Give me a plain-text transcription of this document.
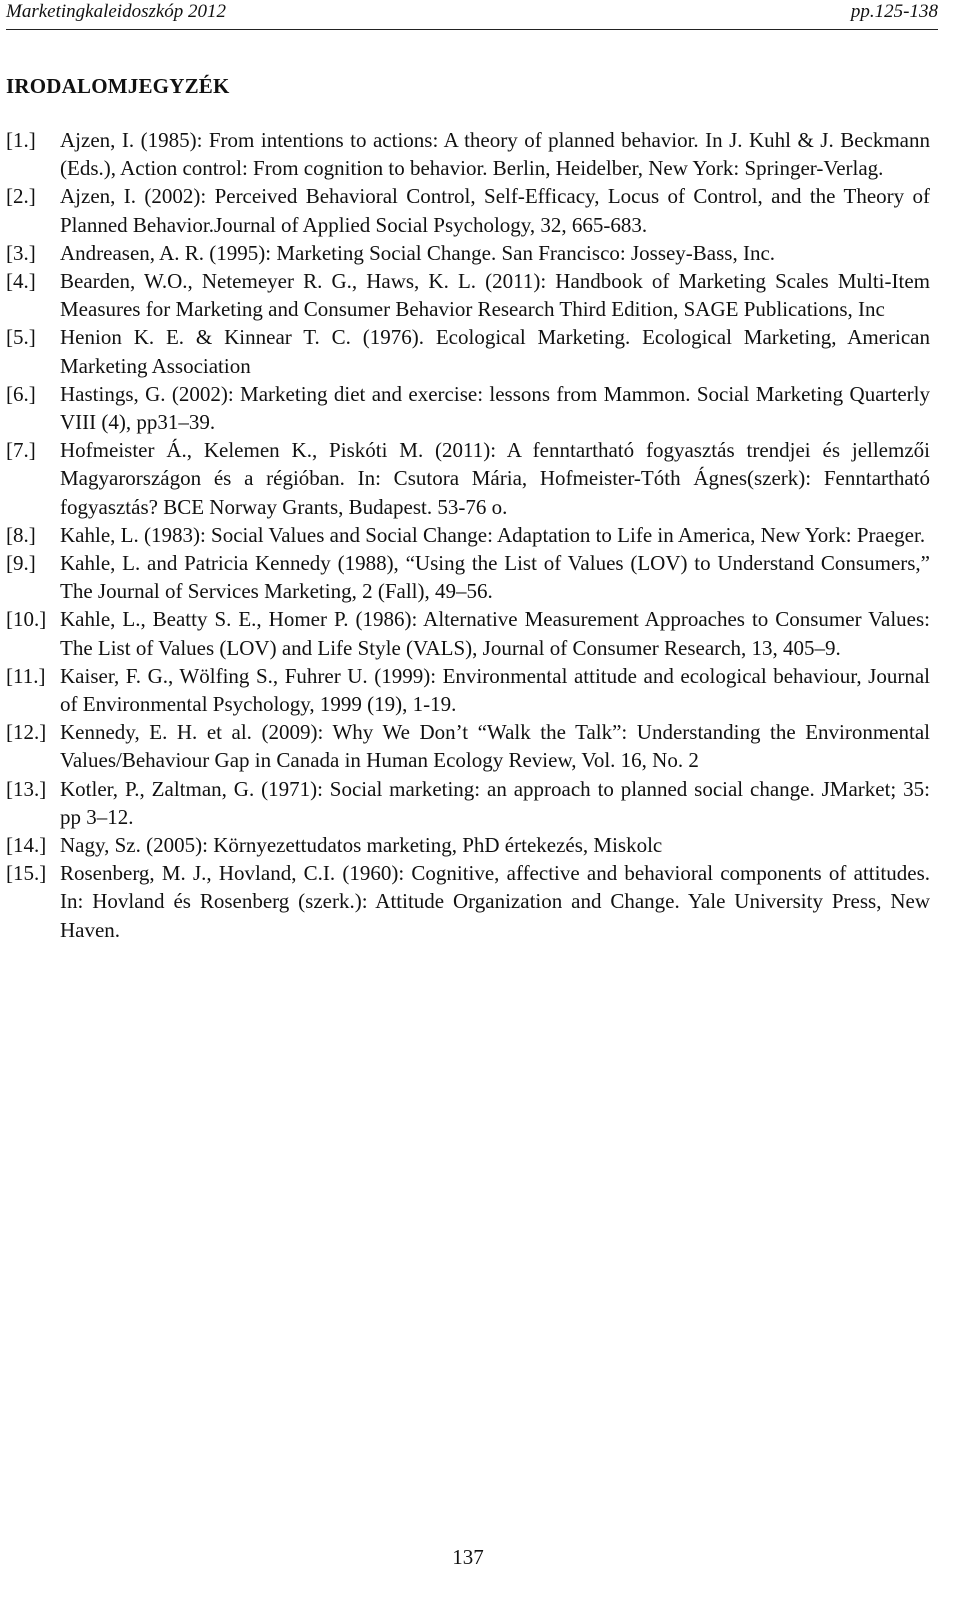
Marketingkaleidoszkóp 2012	pp.125-138
IRODALOMJEGYZÉK
[1.]	Ajzen, I. (1985): From intentions to actions: A theory of planned behavior. In J. Kuhl & J. Beckmann (Eds.), Action control: From cognition to behavior. Berlin, Heidelber, New York: Springer-Verlag.
[2.]	Ajzen, I. (2002): Perceived Behavioral Control, Self-Efficacy, Locus of Control, and the Theory of Planned Behavior.Journal of Applied Social Psychology, 32, 665-683.
[3.]	Andreasen, A. R. (1995): Marketing Social Change. San Francisco: Jossey-Bass, Inc.
[4.]	Bearden, W.O., Netemeyer R. G., Haws, K. L. (2011): Handbook of Marketing Scales Multi-Item Measures for Marketing and Consumer Behavior Research Third Edition, SAGE Publications, Inc
[5.]	Henion K. E. & Kinnear T. C. (1976). Ecological Marketing. Ecological Marketing, American Marketing Association
[6.]	Hastings, G. (2002): Marketing diet and exercise: lessons from Mammon. Social Marketing Quarterly VIII (4), pp31–39.
[7.]	Hofmeister Á., Kelemen K., Piskóti M. (2011): A fenntartható fogyasztás trendjei és jellemzői Magyarországon és a régióban. In: Csutora Mária, Hofmeister-Tóth Ágnes(szerk): Fenntartható fogyasztás? BCE Norway Grants, Budapest. 53-76 o.
[8.]	Kahle, L. (1983): Social Values and Social Change: Adaptation to Life in America, New York: Praeger.
[9.]	Kahle, L. and Patricia Kennedy (1988), “Using the List of Values (LOV) to Understand Consumers,” The Journal of Services Marketing, 2 (Fall), 49–56.
[10.] Kahle, L., Beatty S. E., Homer P. (1986): Alternative Measurement Approaches to Consumer Values: The List of Values (LOV) and Life Style (VALS), Journal of Consumer Research, 13, 405–9.
[11.] Kaiser, F. G., Wölfing S., Fuhrer U. (1999): Environmental attitude and ecological behaviour, Journal of Environmental Psychology, 1999 (19), 1-19.
[12.] Kennedy, E. H. et al. (2009): Why We Don’t “Walk the Talk”: Understanding the Environmental Values/Behaviour Gap in Canada in Human Ecology Review, Vol. 16, No. 2
[13.] Kotler, P., Zaltman, G. (1971): Social marketing: an approach to planned social change. JMarket; 35: pp 3–12.
[14.] Nagy, Sz. (2005): Környezettudatos marketing, PhD értekezés, Miskolc
[15.] Rosenberg, M. J., Hovland, C.I. (1960): Cognitive, affective and behavioral components of attitudes. In: Hovland és Rosenberg (szerk.): Attitude Organization and Change. Yale University Press, New Haven.
137
